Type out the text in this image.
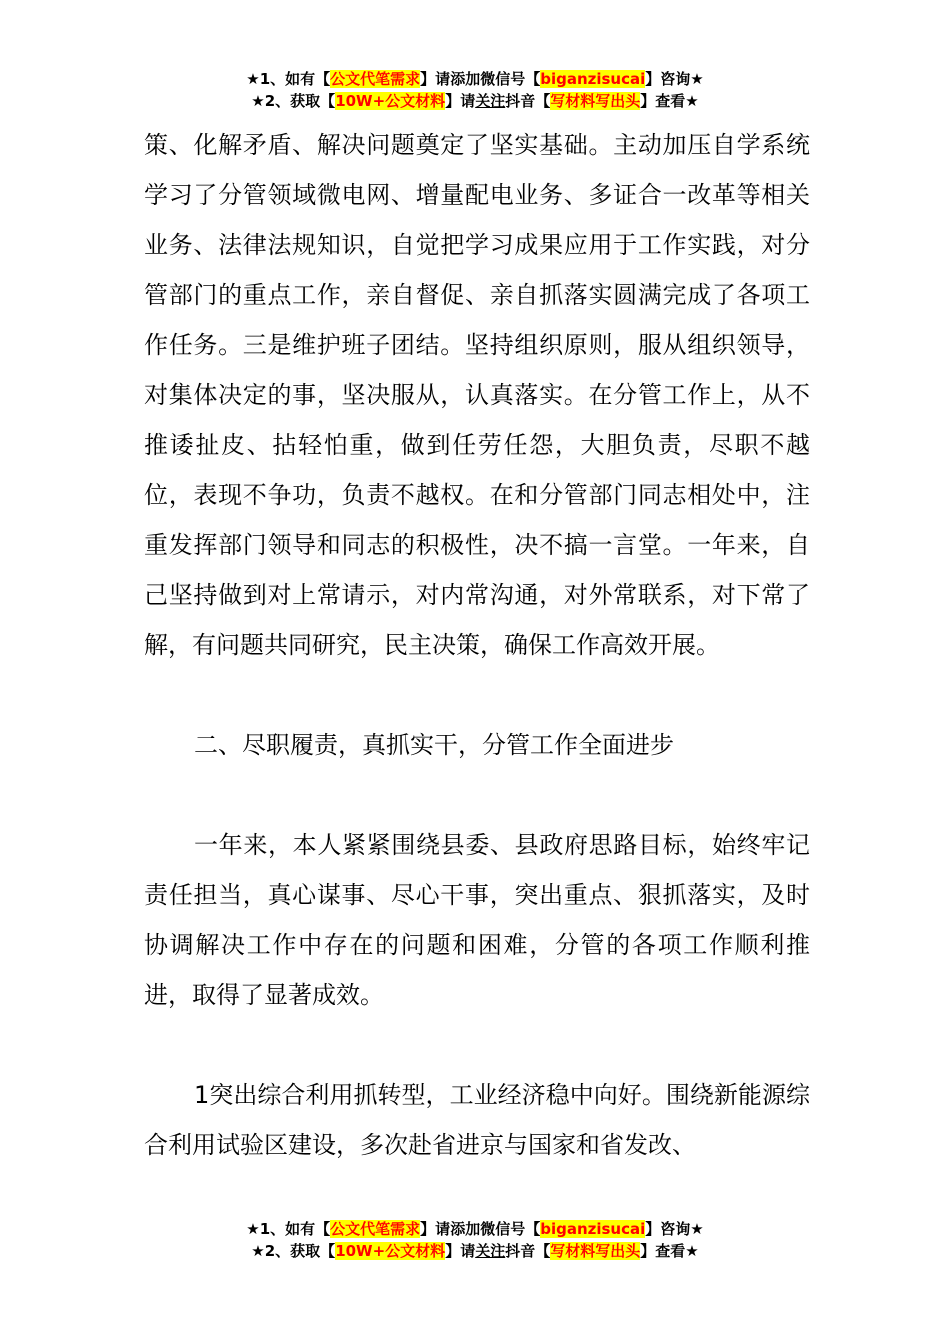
★1、如有【公文代笔需求】请添加微信号【biganzisucai】咨询★
★2、获取【10W+公文材料】请关注抖音【写材料写出头】查看★

策、化解矛盾、解决问题奠定了坚实基础。主动加压自学系统学习了分管领域微电网、增量配电业务、多证合一改革等相关业务、法律法规知识，自觉把学习成果应用于工作实践，对分管部门的重点工作，亲自督促、亲自抓落实圆满完成了各项工作任务。三是维护班子团结。坚持组织原则，服从组织领导，对集体决定的事，坚决服从，认真落实。在分管工作上，从不推诿扯皮、拈轻怕重，做到任劳任怨，大胆负责，尽职不越位，表现不争功，负责不越权。在和分管部门同志相处中，注重发挥部门领导和同志的积极性，决不搞一言堂。一年来，自己坚持做到对上常请示，对内常沟通，对外常联系，对下常了解，有问题共同研究，民主决策，确保工作高效开展。

二、尽职履责，真抓实干，分管工作全面进步

一年来，本人紧紧围绕县委、县政府思路目标，始终牢记责任担当，真心谋事、尽心干事，突出重点、狠抓落实，及时协调解决工作中存在的问题和困难，分管的各项工作顺利推进，取得了显著成效。

1突出综合利用抓转型，工业经济稳中向好。围绕新能源综合利用试验区建设，多次赴省进京与国家和省发改、

★1、如有【公文代笔需求】请添加微信号【biganzisucai】咨询★
★2、获取【10W+公文材料】请关注抖音【写材料写出头】查看★
